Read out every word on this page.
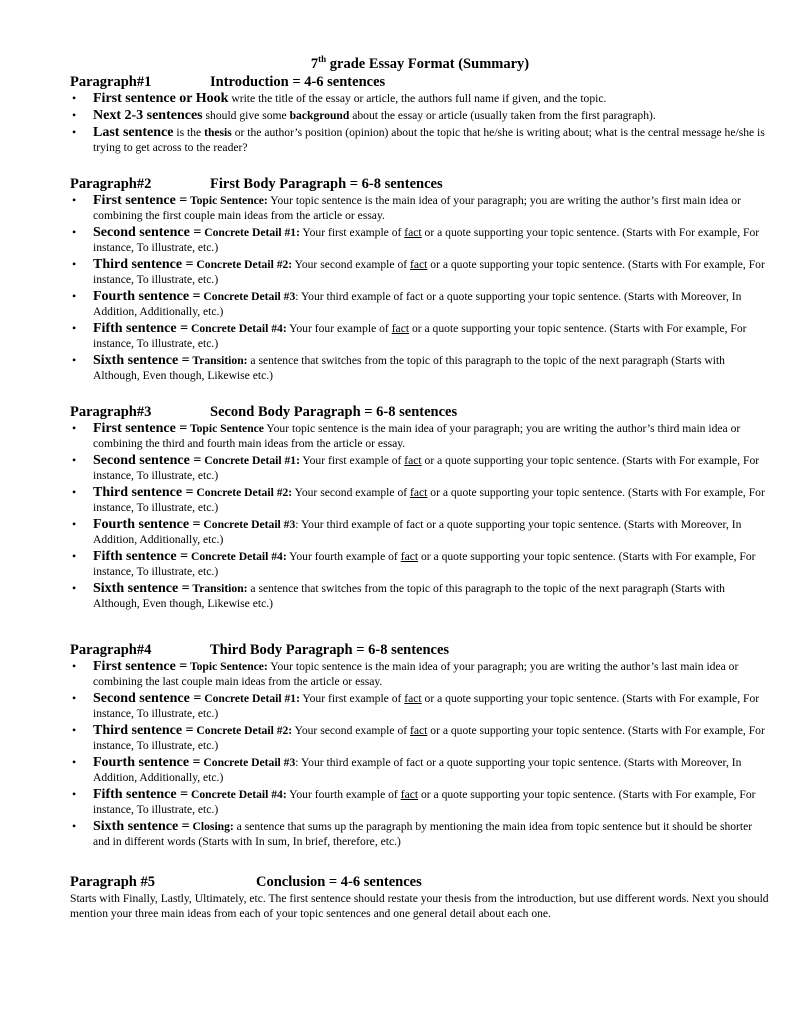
7th grade Essay Format (Summary)
Paragraph#1	Introduction = 4-6 sentences
• First sentence or Hook write the title of the essay or article, the authors full name if given, and the topic.
• Next 2-3 sentences should give some background about the essay or article (usually taken from the first paragraph).
• Last sentence is the thesis or the author’s position (opinion) about the topic that he/she is writing about; what is the central message he/she is trying to get across to the reader?
Paragraph#2	First Body Paragraph = 6-8 sentences
• First sentence = Topic Sentence: Your topic sentence is the main idea of your paragraph; you are writing the author’s first main idea or combining the first couple main ideas from the article or essay.
• Second sentence = Concrete Detail #1: Your first example of fact or a quote supporting your topic sentence. (Starts with For example, For instance, To illustrate, etc.)
• Third sentence = Concrete Detail #2: Your second example of fact or a quote supporting your topic sentence. (Starts with For example, For instance, To illustrate, etc.)
• Fourth sentence = Concrete Detail #3: Your third example of fact or a quote supporting your topic sentence. (Starts with Moreover, In Addition, Additionally, etc.)
• Fifth sentence = Concrete Detail #4: Your four example of fact or a quote supporting your topic sentence. (Starts with For example, For instance, To illustrate, etc.)
• Sixth sentence = Transition: a sentence that switches from the topic of this paragraph to the topic of the next paragraph (Starts with Although, Even though, Likewise etc.)
Paragraph#3	Second Body Paragraph = 6-8 sentences
• First sentence = Topic Sentence Your topic sentence is the main idea of your paragraph; you are writing the author’s third main idea or combining the third and fourth main ideas from the article or essay.
• Second sentence = Concrete Detail #1: Your first example of fact or a quote supporting your topic sentence. (Starts with For example, For instance, To illustrate, etc.)
• Third sentence = Concrete Detail #2: Your second example of fact or a quote supporting your topic sentence. (Starts with For example, For instance, To illustrate, etc.)
• Fourth sentence = Concrete Detail #3: Your third example of fact or a quote supporting your topic sentence. (Starts with Moreover, In Addition, Additionally, etc.)
• Fifth sentence = Concrete Detail #4: Your fourth example of fact or a quote supporting your topic sentence. (Starts with For example, For instance, To illustrate, etc.)
• Sixth sentence = Transition: a sentence that switches from the topic of this paragraph to the topic of the next paragraph (Starts with Although, Even though, Likewise etc.)
Paragraph#4	Third Body Paragraph = 6-8 sentences
• First sentence = Topic Sentence: Your topic sentence is the main idea of your paragraph; you are writing the author’s last main idea or combining the last couple main ideas from the article or essay.
• Second sentence = Concrete Detail #1: Your first example of fact or a quote supporting your topic sentence. (Starts with For example, For instance, To illustrate, etc.)
• Third sentence = Concrete Detail #2: Your second example of fact or a quote supporting your topic sentence. (Starts with For example, For instance, To illustrate, etc.)
• Fourth sentence = Concrete Detail #3: Your third example of fact or a quote supporting your topic sentence. (Starts with Moreover, In Addition, Additionally, etc.)
• Fifth sentence = Concrete Detail #4: Your fourth example of fact or a quote supporting your topic sentence. (Starts with For example, For instance, To illustrate, etc.)
• Sixth sentence = Closing: a sentence that sums up the paragraph by mentioning the main idea from topic sentence but it should be shorter and in different words (Starts with In sum, In brief, therefore, etc.)
Paragraph #5	Conclusion = 4-6 sentences
Starts with Finally, Lastly, Ultimately, etc. The first sentence should restate your thesis from the introduction, but use different words. Next you should mention your three main ideas from each of your topic sentences and one general detail about each one.
